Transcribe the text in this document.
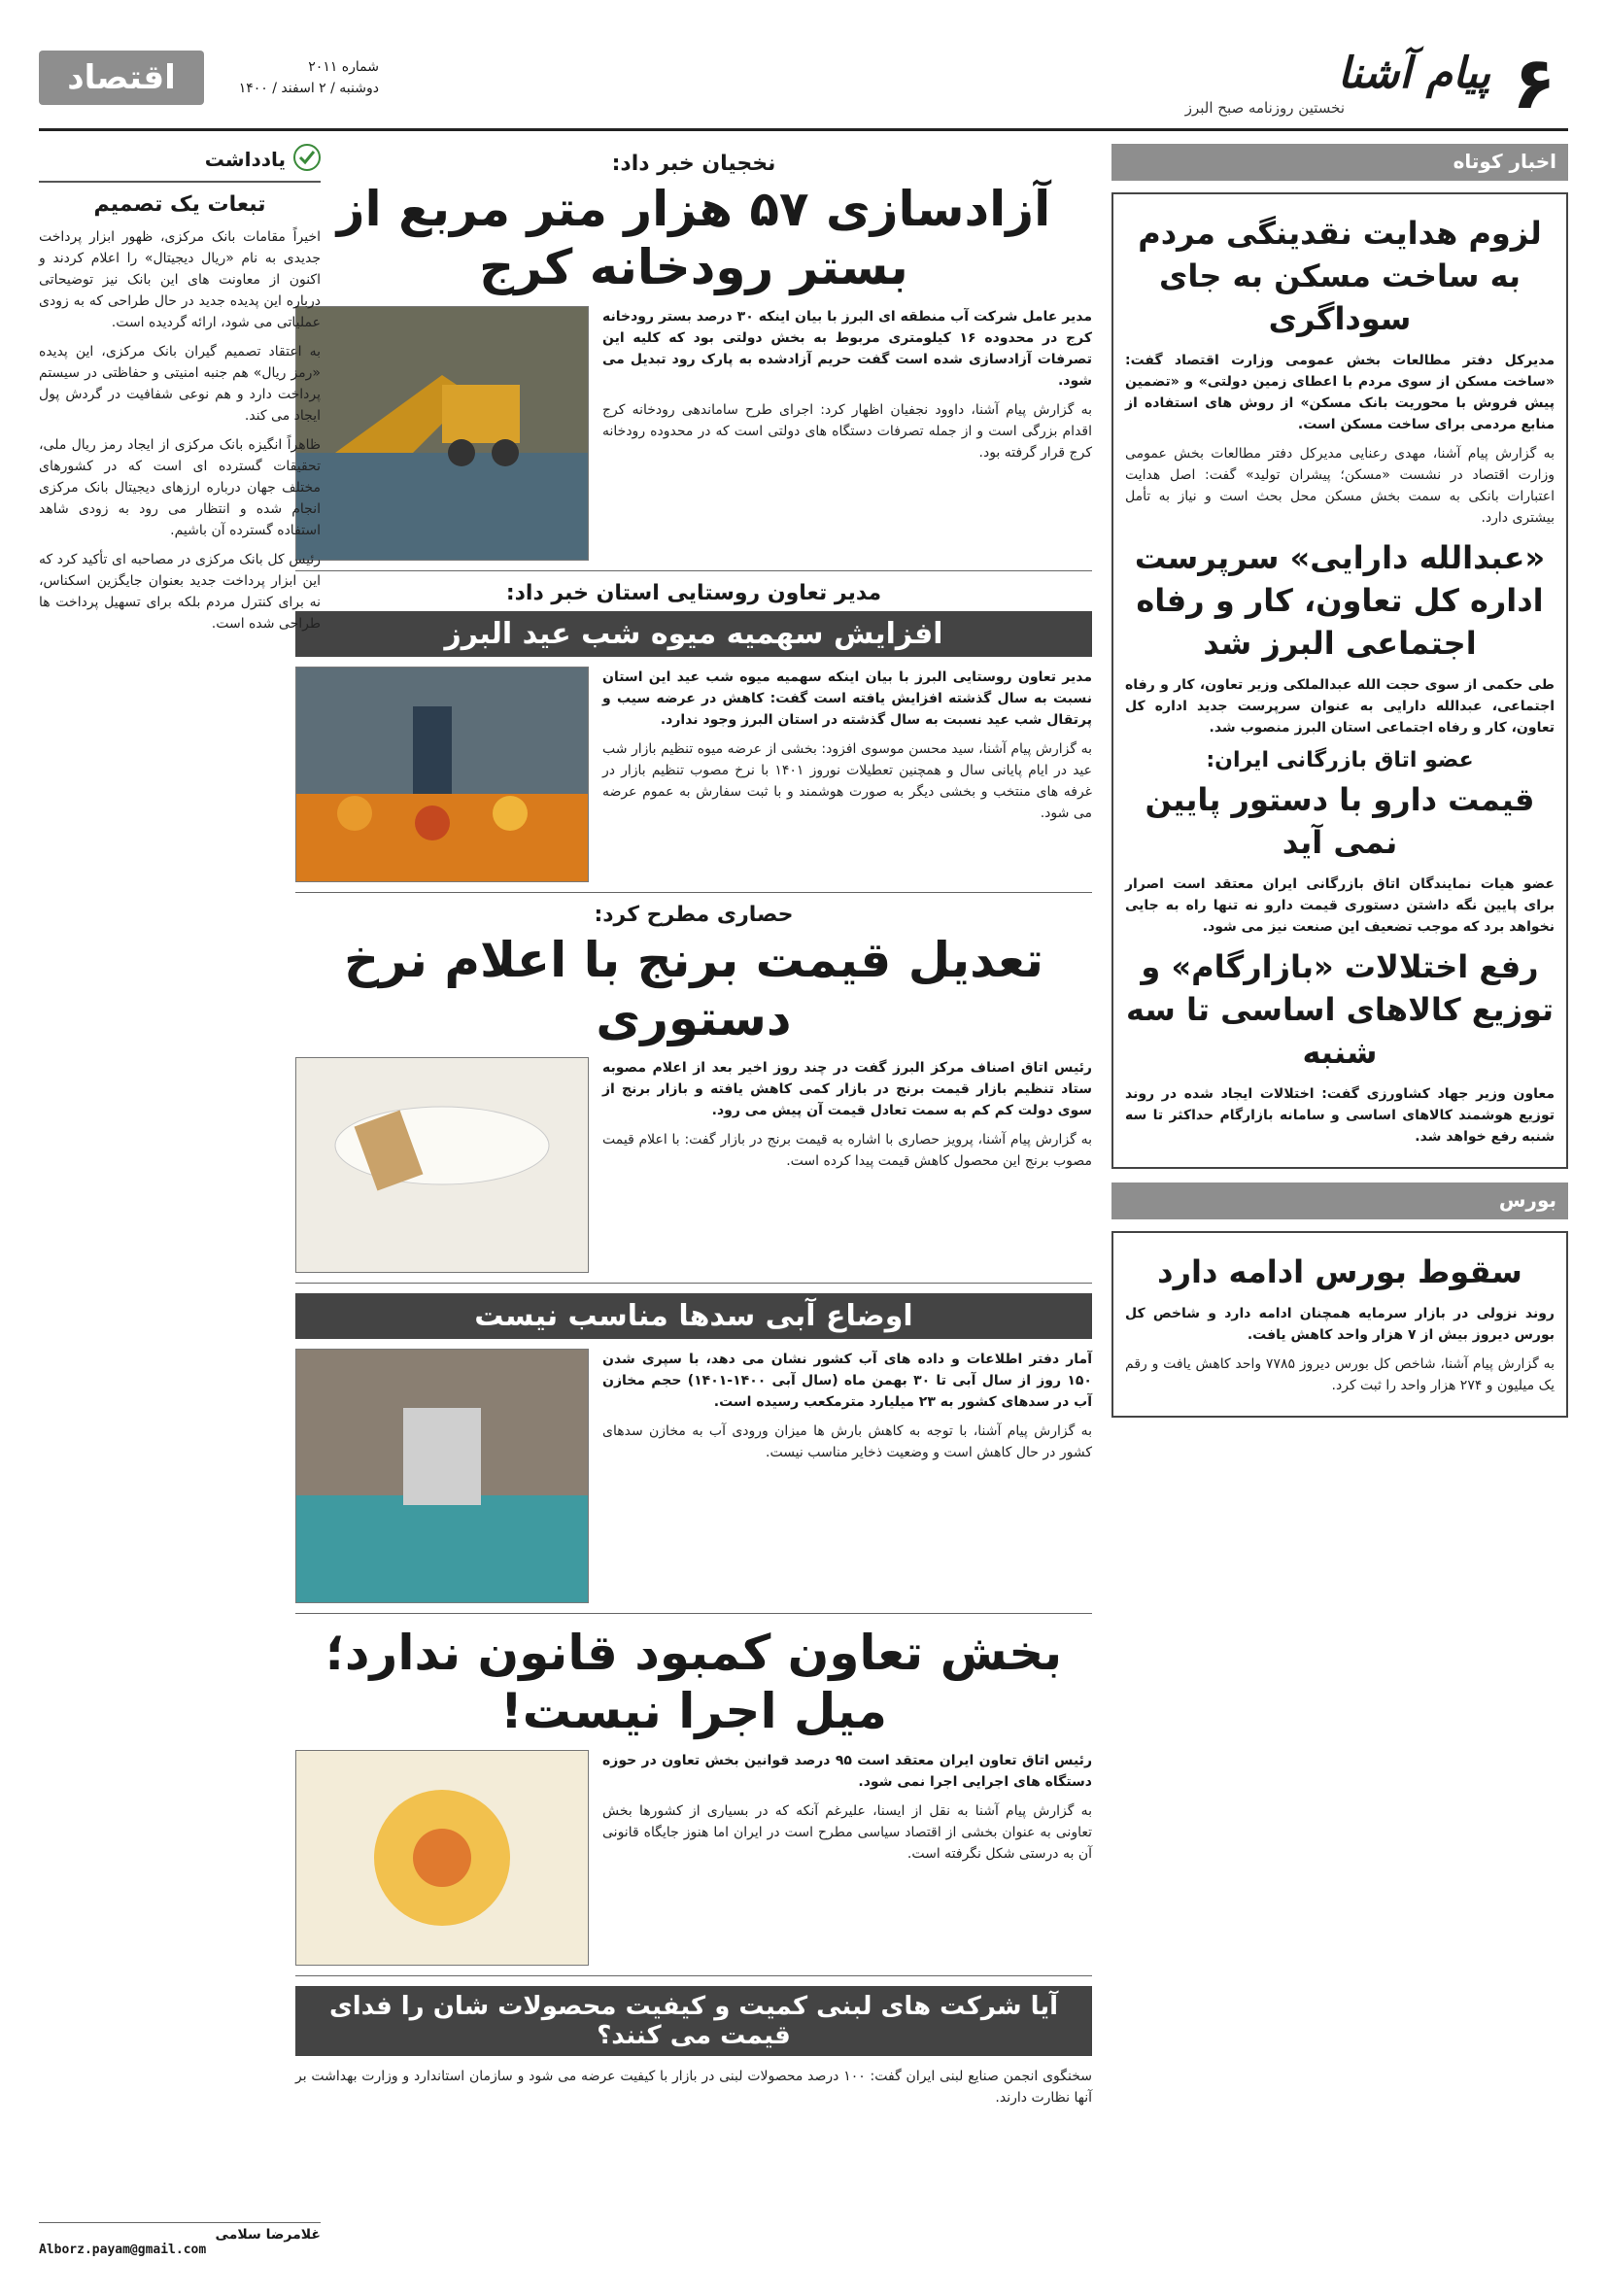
۶
پیام آشنا
نخستین روزنامه صبح البرز
شماره ۲۰۱۱
دوشنبه / ۲ اسفند / ۱۴۰۰
اقتصاد
اخبار کوتاه
لزوم هدایت نقدینگی مردم به ساخت مسکن به جای سوداگری

مدیرکل دفتر مطالعات بخش عمومی وزارت اقتصاد گفت: «ساخت مسکن از سوی مردم با اعطای زمین دولتی» و «تضمین پیش فروش با محوریت بانک مسکن» از روش های استفاده از منابع مردمی برای ساخت مسکن است.

به گزارش پیام آشنا، مهدی رعنایی مدیرکل دفتر مطالعات بخش عمومی وزارت اقتصاد در نشست «مسکن؛ پیشران تولید» گفت: اصل هدایت اعتبارات بانکی به سمت بخش مسکن محل بحث است و نیاز به تأمل بیشتری دارد.

«عبدالله دارایی» سرپرست اداره کل تعاون، کار و رفاه اجتماعی البرز شد

طی حکمی از سوی حجت الله عبدالملکی وزیر تعاون، کار و رفاه اجتماعی، عبدالله دارایی به عنوان سرپرست جدید اداره کل تعاون، کار و رفاه اجتماعی استان البرز منصوب شد.

عضو اتاق بازرگانی ایران:
قیمت دارو با دستور پایین نمی آید

عضو هیات نمایندگان اتاق بازرگانی ایران معتقد است اصرار برای پایین نگه داشتن دستوری قیمت دارو نه تنها راه به جایی نخواهد برد که موجب تضعیف این صنعت نیز می شود.

رفع اختلالات «بازارگام» و توزیع کالاهای اساسی تا سه شنبه

معاون وزیر جهاد کشاورزی گفت: اختلالات ایجاد شده در روند توزیع هوشمند کالاهای اساسی و سامانه بازارگام حداکثر تا سه شنبه رفع خواهد شد.

بورس
سقوط بورس ادامه دارد

روند نزولی در بازار سرمایه همچنان ادامه دارد و شاخص کل بورس دیروز بیش از ۷ هزار واحد کاهش یافت.

به گزارش پیام آشنا، شاخص کل بورس دیروز ۷۷۸۵ واحد کاهش یافت و رقم یک میلیون و ۲۷۴ هزار واحد را ثبت کرد.

نخجیان خبر داد:
آزادسازی ۵۷ هزار متر مربع از بستر رودخانه کرج

مدیر عامل شرکت آب منطقه ای البرز با بیان اینکه ۳۰ درصد بستر رودخانه کرج در محدوده ۱۶ کیلومتری مربوط به بخش دولتی بود که کلیه این تصرفات آزادسازی شده است گفت حریم آزادشده به پارک رود تبدیل می شود.

به گزارش پیام آشنا، داوود نجفیان اظهار کرد: اجرای طرح ساماندهی رودخانه کرج اقدام بزرگی است و از جمله تصرفات دستگاه های دولتی است که در محدوده رودخانه کرج قرار گرفته بود.

مدیر تعاون روستایی استان خبر داد:
افزایش سهمیه میوه شب عید البرز

مدیر تعاون روستایی البرز با بیان اینکه سهمیه میوه شب عید این استان نسبت به سال گذشته افزایش یافته است گفت: کاهش در عرضه سیب و پرتقال شب عید نسبت به سال گذشته در استان البرز وجود ندارد.

به گزارش پیام آشنا، سید محسن موسوی افزود: بخشی از عرضه میوه تنظیم بازار شب عید در ایام پایانی سال و همچنین تعطیلات نوروز ۱۴۰۱ با نرخ مصوب تنظیم بازار در غرفه های منتخب و بخشی دیگر به صورت هوشمند و با ثبت سفارش به عموم عرضه می شود.

حصاری مطرح کرد:
تعدیل قیمت برنج با اعلام نرخ دستوری

رئیس اتاق اصناف مرکز البرز گفت در چند روز اخیر بعد از اعلام مصوبه ستاد تنظیم بازار قیمت برنج در بازار کمی کاهش یافته و بازار برنج از سوی دولت کم کم به سمت تعادل قیمت آن پیش می رود.

به گزارش پیام آشنا، پرویز حصاری با اشاره به قیمت برنج در بازار گفت: با اعلام قیمت مصوب برنج این محصول کاهش قیمت پیدا کرده است.

اوضاع آبی سدها مناسب نیست

آمار دفتر اطلاعات و داده های آب کشور نشان می دهد، با سپری شدن ۱۵۰ روز از سال آبی تا ۳۰ بهمن ماه (سال آبی ۱۴۰۰-۱۴۰۱) حجم مخازن آب در سدهای کشور به ۲۳ میلیارد مترمکعب رسیده است.

به گزارش پیام آشنا، با توجه به کاهش بارش ها میزان ورودی آب به مخازن سدهای کشور در حال کاهش است و وضعیت ذخایر مناسب نیست.

بخش تعاون کمبود قانون ندارد؛ میل اجرا نیست!

رئیس اتاق تعاون ایران معتقد است ۹۵ درصد قوانین بخش تعاون در حوزه دستگاه های اجرایی اجرا نمی شود.

به گزارش پیام آشنا به نقل از ایسنا، علیرغم آنکه که در بسیاری از کشورها بخش تعاونی به عنوان بخشی از اقتصاد سیاسی مطرح است در ایران اما هنوز جایگاه قانونی آن به درستی شکل نگرفته است.

آیا شرکت های لبنی کمیت و کیفیت محصولات شان را فدای قیمت می کنند؟

سخنگوی انجمن صنایع لبنی ایران گفت: ۱۰۰ درصد محصولات لبنی در بازار با کیفیت عرضه می شود و سازمان استاندارد و وزارت بهداشت بر آنها نظارت دارند.

یادداشت
تبعات یک تصمیم

اخیراً مقامات بانک مرکزی، ظهور ابزار پرداخت جدیدی به نام «ریال دیجیتال» را اعلام کردند و اکنون از معاونت های این بانک نیز توضیحاتی درباره این پدیده جدید در حال طراحی که به زودی عملیاتی می شود، ارائه گردیده است.

به اعتقاد تصمیم گیران بانک مرکزی، این پدیده «رمز ریال» هم جنبه امنیتی و حفاظتی در سیستم پرداخت دارد و هم نوعی شفافیت در گردش پول ایجاد می کند.

ظاهراً انگیزه بانک مرکزی از ایجاد رمز ریال ملی، تحقیقات گسترده ای است که در کشورهای مختلف جهان درباره ارزهای دیجیتال بانک مرکزی انجام شده و انتظار می رود به زودی شاهد استفاده گسترده آن باشیم.

رئیس کل بانک مرکزی در مصاحبه ای تأکید کرد که این ابزار پرداخت جدید بعنوان جایگزین اسکناس، نه برای کنترل مردم بلکه برای تسهیل پرداخت ها طراحی شده است.

غلامرضا سلامی
Alborz.payam@gmail.com
